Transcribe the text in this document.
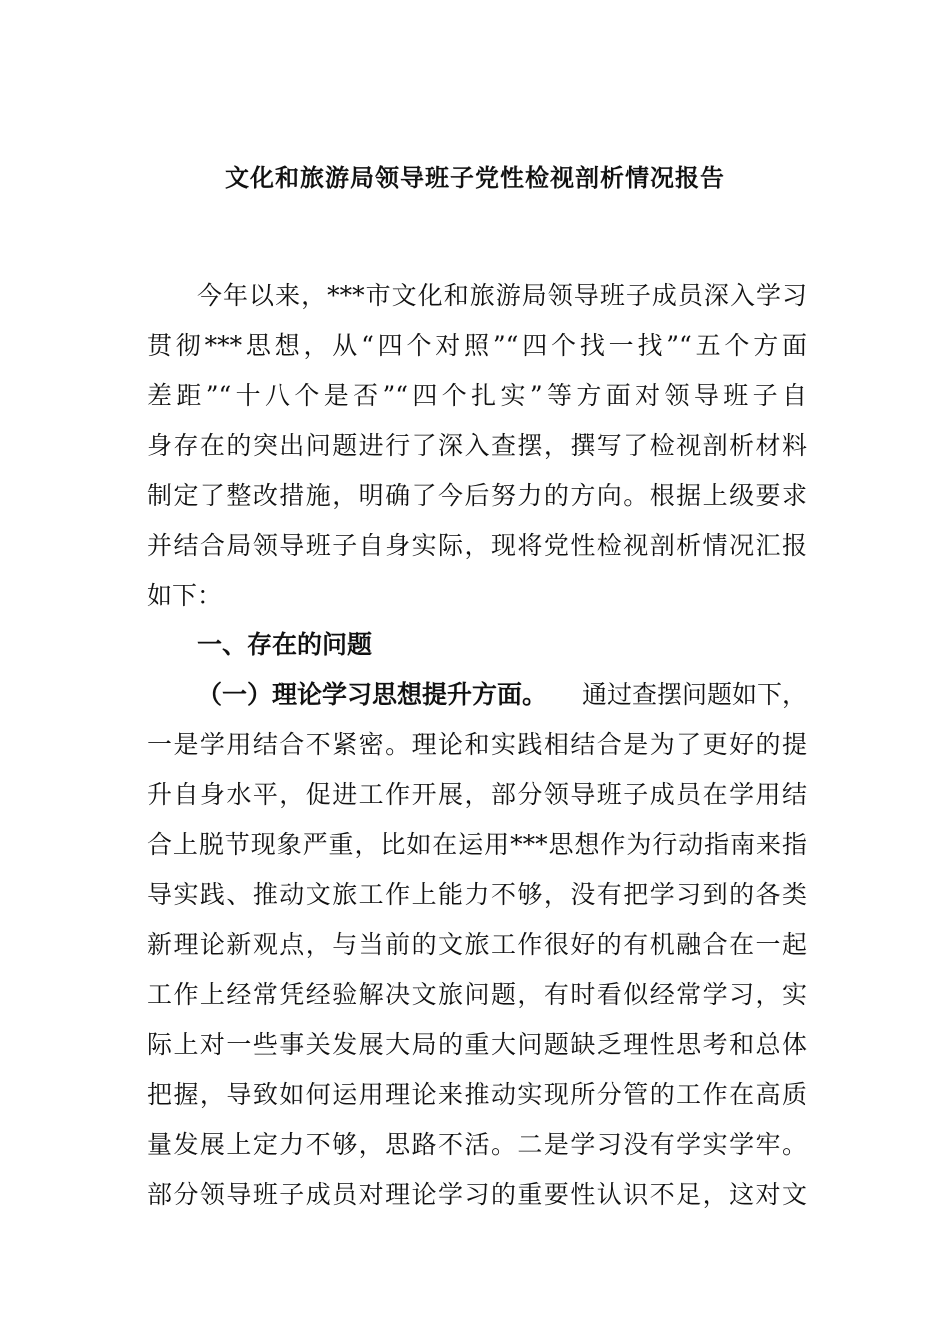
文化和旅游局领导班子党性检视剖析情况报告

今年以来，***市文化和旅游局领导班子成员深入学习

贯彻***思想，从“四个对照”“四个找一找”“五个方面

差距”“十八个是否”“四个扎实”等方面对领导班子自

身存在的突出问题进行了深入查摆，撰写了检视剖析材料

制定了整改措施，明确了今后努力的方向。根据上级要求

并结合局领导班子自身实际，现将党性检视剖析情况汇报

如下：

一、存在的问题

（一）理论学习思想提升方面。 通过查摆问题如下，

一是学用结合不紧密。理论和实践相结合是为了更好的提

升自身水平，促进工作开展，部分领导班子成员在学用结

合上脱节现象严重，比如在运用***思想作为行动指南来指

导实践、推动文旅工作上能力不够，没有把学习到的各类

新理论新观点，与当前的文旅工作很好的有机融合在一起

工作上经常凭经验解决文旅问题，有时看似经常学习，实

际上对一些事关发展大局的重大问题缺乏理性思考和总体

把握，导致如何运用理论来推动实现所分管的工作在高质

量发展上定力不够，思路不活。二是学习没有学实学牢。

部分领导班子成员对理论学习的重要性认识不足，这对文
